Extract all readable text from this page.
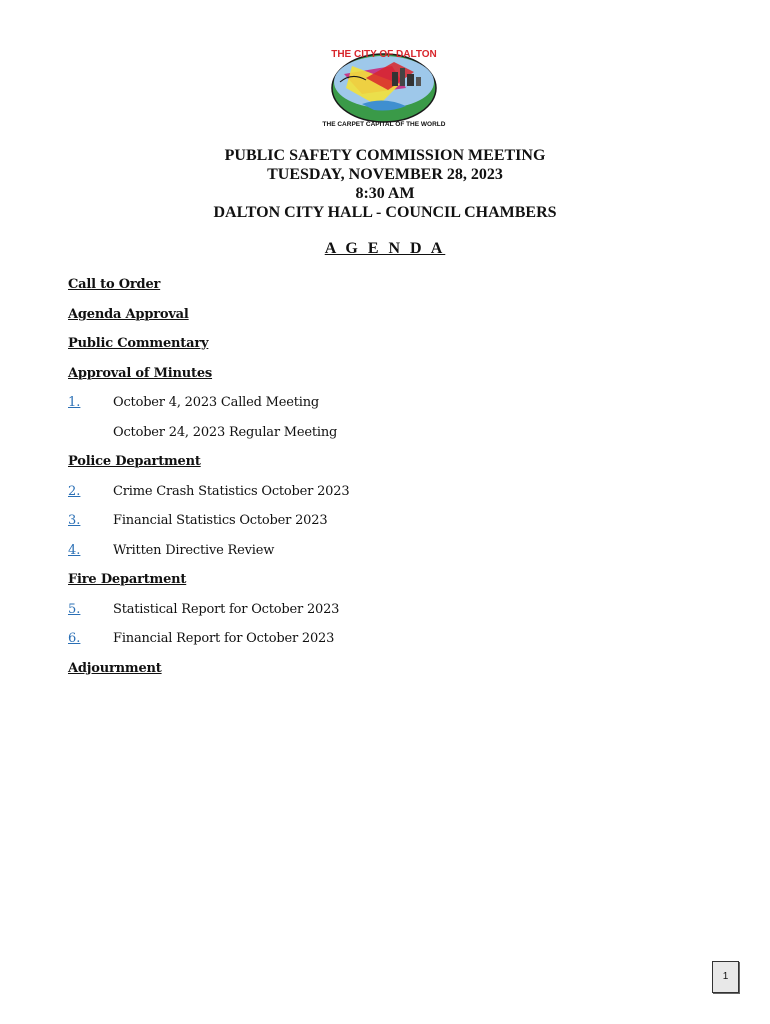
THE CITY OF DALTON
"THE CARPET CAPITAL OF THE WORLD"
PUBLIC SAFETY COMMISSION MEETING
TUESDAY, NOVEMBER 28, 2023
8:30 AM
DALTON CITY HALL - COUNCIL CHAMBERS
A G E N D A
Call to Order
Agenda Approval
Public Commentary
Approval of Minutes
1.	October 4, 2023 Called Meeting
October 24, 2023 Regular Meeting
Police Department
2.	Crime Crash Statistics October 2023
3.	Financial Statistics October 2023
4.	Written Directive Review
Fire Department
5.	Statistical Report for October 2023
6.	Financial Report for October 2023
Adjournment
1
